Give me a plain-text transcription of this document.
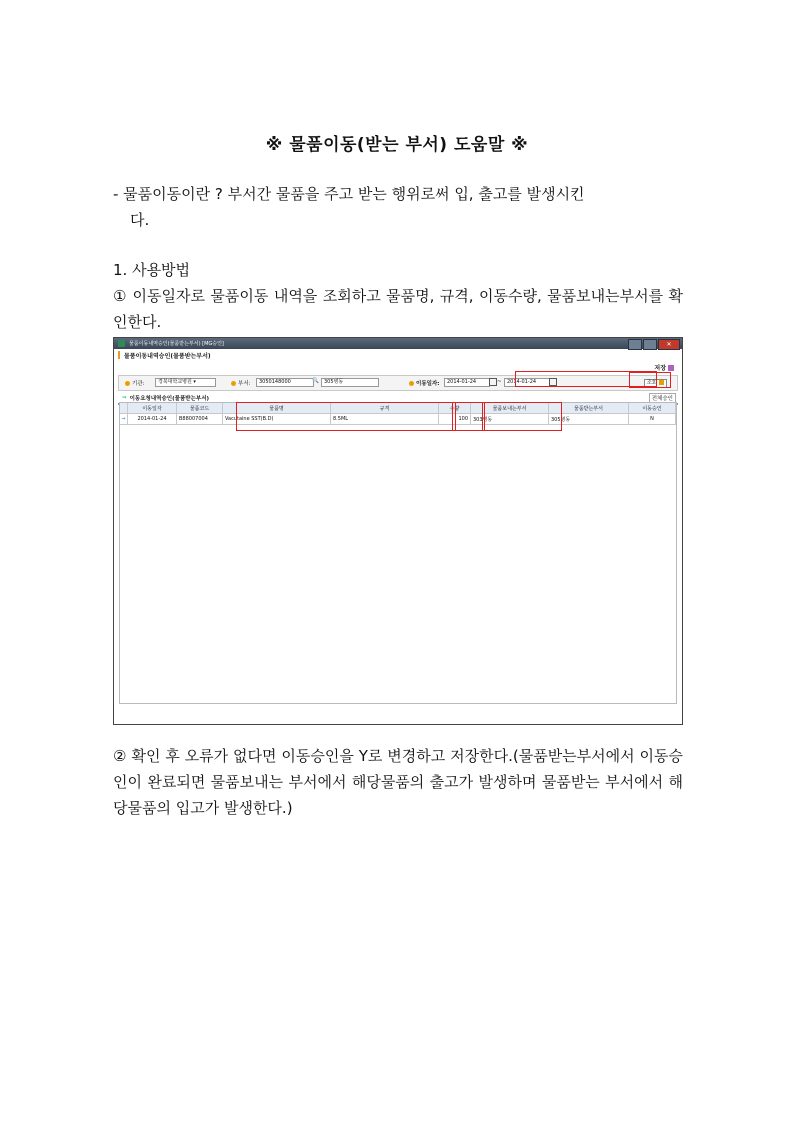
※ 물품이동(받는 부서) 도움말 ※
- 물품이동이란 ? 부서간 물품을 주고 받는 행위로써 입, 출고를 발생시킨
다.
1. 사용방법
① 이동일자로 물품이동 내역을 조회하고 물품명, 규격, 이동수량, 물품보내는부서를 확인한다.
물품이동내역승인(물품받는부서) [MG승인]	✕
물품이동내역승인(물품받는부서)
저장
기관:	경북대학교병원 ▾	부서:	3050148000	🔍	305병동	이동일자:	2014-01-24	~	2014-01-24	조회
⇒ 이동요청내역승인(물품받는부서)	전체승인
이동일자	물품코드	물품명	규격	수량	물품보내는부서	물품받는부서	이동승인
⇒	2014-01-24	B88007004	Vacutaine SST(B.D)	8.5ML	100	303병동	305병동	N
② 확인 후 오류가 없다면 이동승인을 Y로 변경하고 저장한다.(물품받는부서에서 이동승인이 완료되면 물품보내는 부서에서 해당물품의 출고가 발생하며 물품받는 부서에서 해당물품의 입고가 발생한다.)
